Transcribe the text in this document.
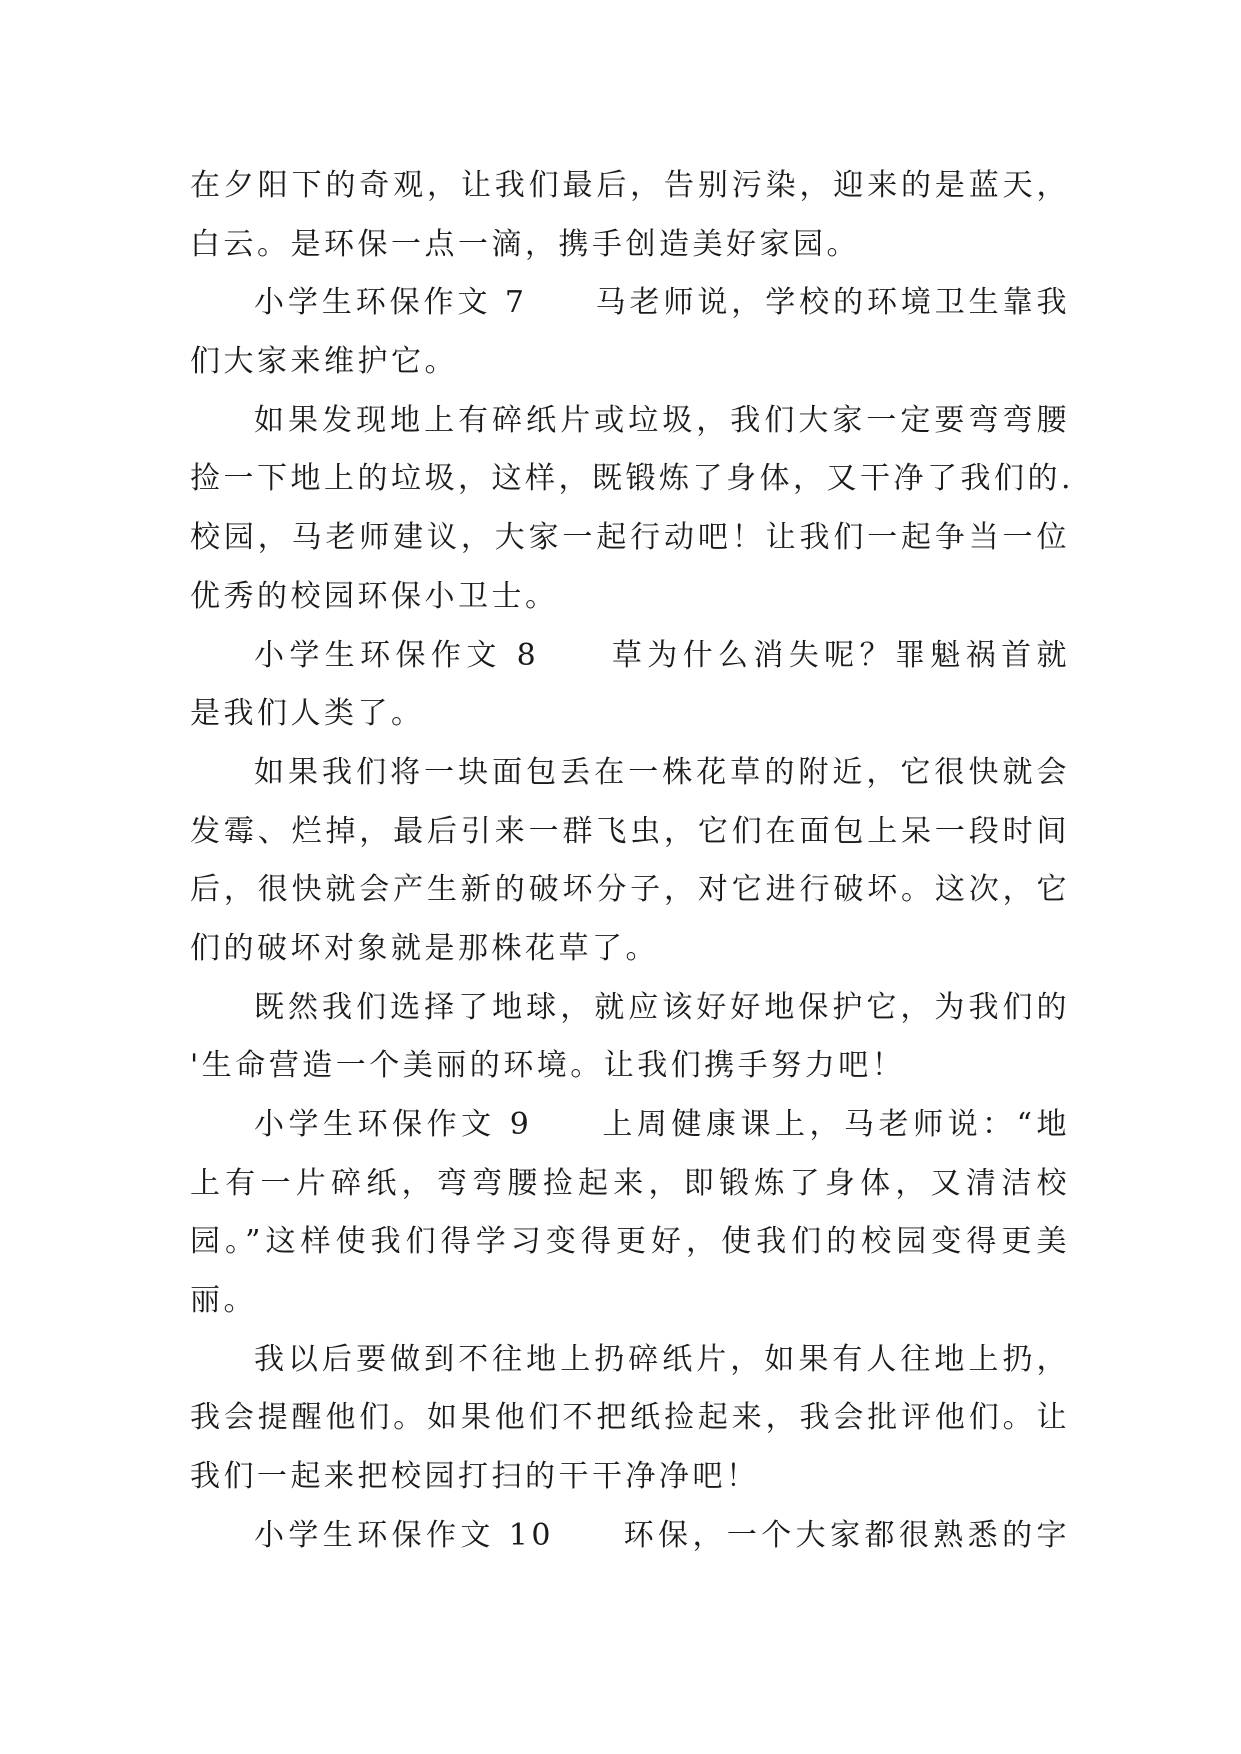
在夕阳下的奇观，让我们最后，告别污染，迎来的是蓝天，
白云。是环保一点一滴，携手创造美好家园。
小学生环保作文 7　　马老师说，学校的环境卫生靠我
们大家来维护它。
如果发现地上有碎纸片或垃圾，我们大家一定要弯弯腰
捡一下地上的垃圾，这样，既锻炼了身体，又干净了我们的.
校园，马老师建议，大家一起行动吧！让我们一起争当一位
优秀的校园环保小卫士。
小学生环保作文 8　　草为什么消失呢？罪魁祸首就
是我们人类了。
如果我们将一块面包丢在一株花草的附近，它很快就会
发霉、烂掉，最后引来一群飞虫，它们在面包上呆一段时间
后，很快就会产生新的破坏分子，对它进行破坏。这次，它
们的破坏对象就是那株花草了。
既然我们选择了地球，就应该好好地保护它，为我们的
'生命营造一个美丽的环境。让我们携手努力吧！
小学生环保作文 9　　上周健康课上，马老师说：“地
上有一片碎纸，弯弯腰捡起来，即锻炼了身体，又清洁校
园。”这样使我们得学习变得更好，使我们的校园变得更美
丽。
我以后要做到不往地上扔碎纸片，如果有人往地上扔，
我会提醒他们。如果他们不把纸捡起来，我会批评他们。让
我们一起来把校园打扫的干干净净吧！
小学生环保作文 10　　环保，一个大家都很熟悉的字
